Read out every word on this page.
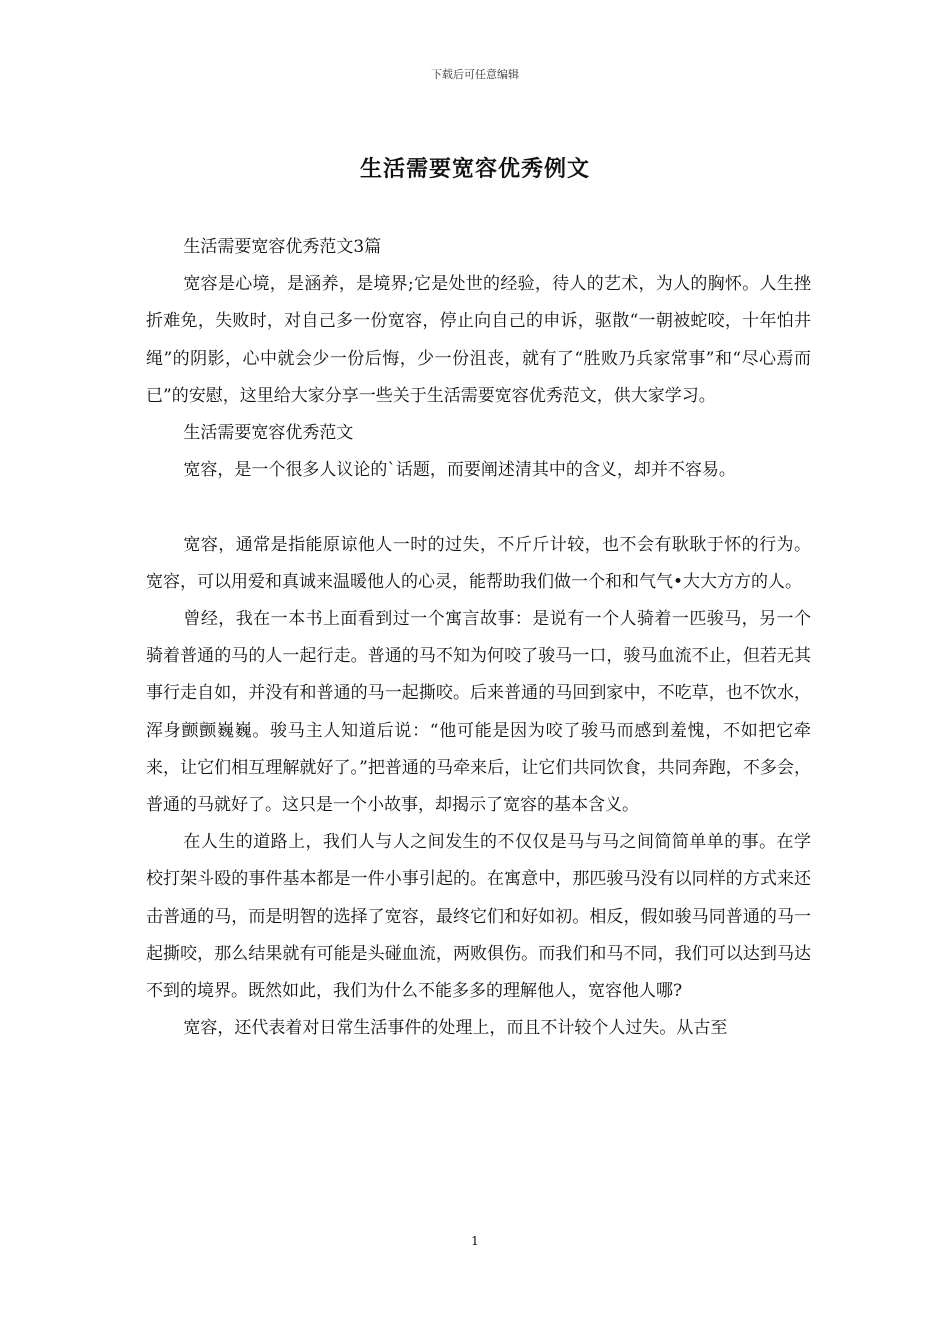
下载后可任意编辑
生活需要宽容优秀例文

生活需要宽容优秀范文3篇

宽容是心境，是涵养，是境界;它是处世的经验，待人的艺术，为人的胸怀。人生挫折难免，失败时，对自己多一份宽容，停止向自己的申诉，驱散“一朝被蛇咬，十年怕井绳”的阴影，心中就会少一份后悔，少一份沮丧，就有了“胜败乃兵家常事”和“尽心焉而已”的安慰，这里给大家分享一些关于生活需要宽容优秀范文，供大家学习。

生活需要宽容优秀范文

宽容，是一个很多人议论的`话题，而要阐述清其中的含义，却并不容易。

宽容，通常是指能原谅他人一时的过失，不斤斤计较，也不会有耿耿于怀的行为。宽容，可以用爱和真诚来温暖他人的心灵，能帮助我们做一个和和气气•大大方方的人。

曾经，我在一本书上面看到过一个寓言故事：是说有一个人骑着一匹骏马，另一个骑着普通的马的人一起行走。普通的马不知为何咬了骏马一口，骏马血流不止，但若无其事行走自如，并没有和普通的马一起撕咬。后来普通的马回到家中，不吃草，也不饮水，浑身颤颤巍巍。骏马主人知道后说：“他可能是因为咬了骏马而感到羞愧，不如把它牵来，让它们相互理解就好了。”把普通的马牵来后，让它们共同饮食，共同奔跑，不多会，普通的马就好了。这只是一个小故事，却揭示了宽容的基本含义。

在人生的道路上，我们人与人之间发生的不仅仅是马与马之间简简单单的事。在学校打架斗殴的事件基本都是一件小事引起的。在寓意中，那匹骏马没有以同样的方式来还击普通的马，而是明智的选择了宽容，最终它们和好如初。相反，假如骏马同普通的马一起撕咬，那么结果就有可能是头碰血流，两败俱伤。而我们和马不同，我们可以达到马达不到的境界。既然如此，我们为什么不能多多的理解他人，宽容他人哪?

宽容，还代表着对日常生活事件的处理上，而且不计较个人过失。从古至

1
